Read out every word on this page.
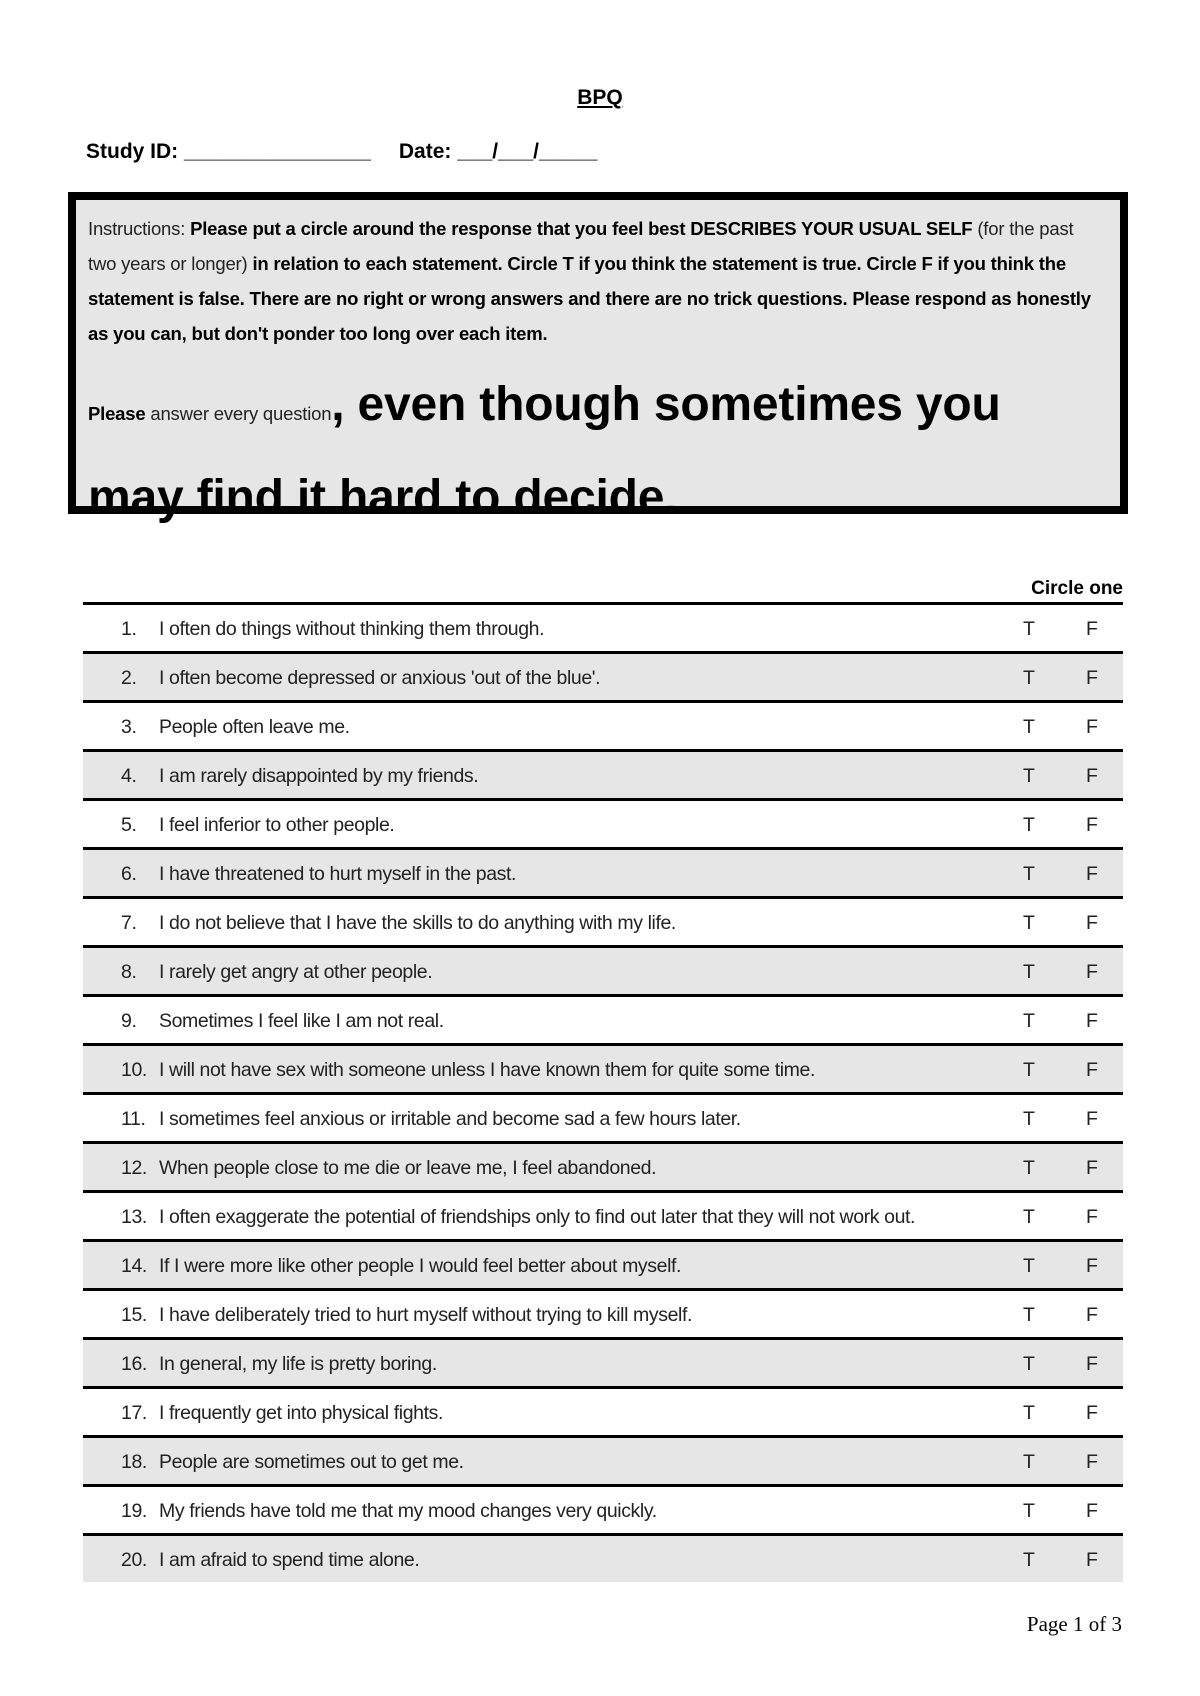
BPQ
Study ID: ________________ Date: ___/___/_____

Instructions: Please put a circle around the response that you feel best DESCRIBES YOUR USUAL SELF (for the past two years or longer) in relation to each statement. Circle T if you think the statement is true. Circle F if you think the statement is false. There are no right or wrong answers and there are no trick questions. Please respond as honestly as you can, but don't ponder too long over each item.

Please answer every question, even though sometimes you may find it hard to decide.

Circle one
1.	I often do things without thinking them through.	T	F
2.	I often become depressed or anxious 'out of the blue'.	T	F
3.	People often leave me.	T	F
4.	I am rarely disappointed by my friends.	T	F
5.	I feel inferior to other people.	T	F
6.	I have threatened to hurt myself in the past.	T	F
7.	I do not believe that I have the skills to do anything with my life.	T	F
8.	I rarely get angry at other people.	T	F
9.	Sometimes I feel like I am not real.	T	F
10. I will not have sex with someone unless I have known them for quite some time.	T	F
11. I sometimes feel anxious or irritable and become sad a few hours later.	T	F
12. When people close to me die or leave me, I feel abandoned.	T	F
13. I often exaggerate the potential of friendships only to find out later that they will not work out.	T	F
14. If I were more like other people I would feel better about myself.	T	F
15. I have deliberately tried to hurt myself without trying to kill myself.	T	F
16. In general, my life is pretty boring.	T	F
17. I frequently get into physical fights.	T	F
18. People are sometimes out to get me.	T	F
19. My friends have told me that my mood changes very quickly.	T	F
20. I am afraid to spend time alone.	T	F
Page 1 of 3
